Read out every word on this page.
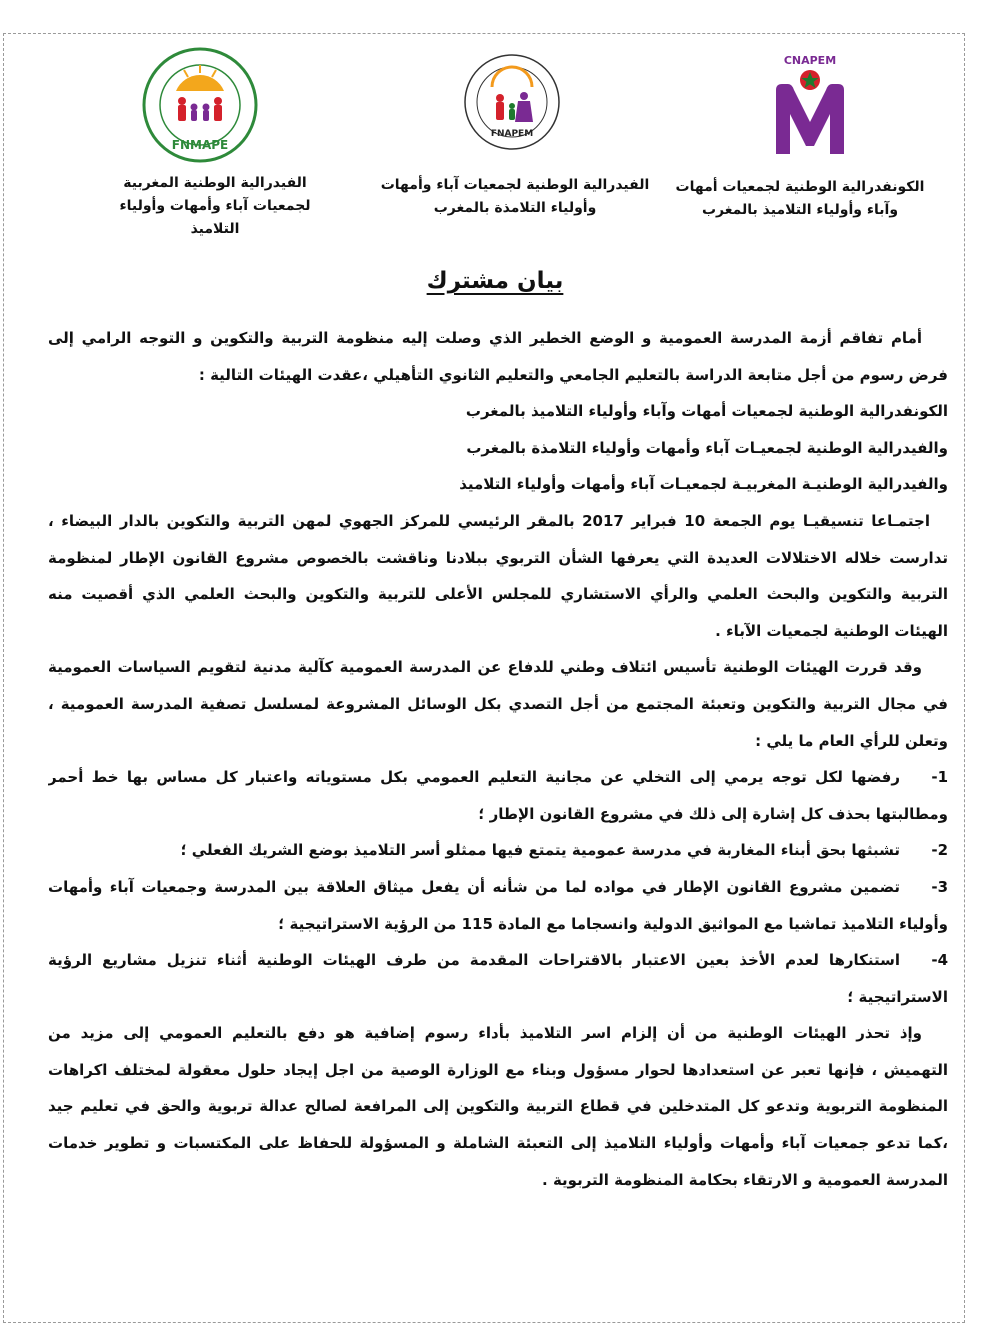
FNMAPE
FNAPEM
CNAPEM
الفيدرالية الوطنية المغربية
لجمعيات آباء وأمهات وأولياء التلاميذ
الفيدرالية الوطنية لجمعيات آباء وأمهات
وأولياء التلامذة بالمغرب
الكونفدرالية الوطنية لجمعيات أمهات
وآباء وأولياء التلاميذ بالمغرب
بيان مشترك
أمام تفاقم أزمة المدرسة العمومية و الوضع الخطير الذي وصلت إليه منظومة التربية والتكوين و التوجه الرامي إلى
فرض رسوم من أجل متابعة الدراسة بالتعليم الجامعي والتعليم الثانوي التأهيلي ،عقدت الهيئات التالية :
الكونفدرالية الوطنية لجمعيات أمهات وآباء وأولياء التلاميذ بالمغرب
والفيدرالية الوطنية لجمعيـات آباء وأمهات وأولياء التلامذة بالمغرب
والفيدرالية الوطنيـة المغربيـة لجمعيـات آباء وأمهات وأولياء التلاميذ
اجتمـاعا تنسيقيـا يوم الجمعة 10 فبراير 2017 بالمقر الرئيسي للمركز الجهوي لمهن التربية والتكوين بالدار البيضاء ،
تدارست خلاله الاختلالات العديدة التي يعرفها الشأن التربوي ببلادنا وناقشت بالخصوص مشروع القانون الإطار لمنظومة
التربية والتكوين والبحث العلمي والرأي الاستشاري للمجلس الأعلى للتربية والتكوين والبحث العلمي الذي أقصيت منه
الهيئات الوطنية لجمعيات الآباء .
وقد قررت الهيئات الوطنية تأسيس ائتلاف وطني للدفاع عن المدرسة العمومية كآلية مدنية لتقويم السياسات العمومية
في مجال التربية والتكوين وتعبئة المجتمع من أجل التصدي بكل الوسائل المشروعة لمسلسل تصفية المدرسة العمومية ،
وتعلن للرأي العام ما يلي :
1-رفضها لكل توجه يرمي إلى التخلي عن مجانية التعليم العمومي بكل مستوياته واعتبار كل مساس بها خط أحمر
ومطالبتها بحذف كل إشارة إلى ذلك في مشروع القانون الإطار ؛
2-تشبثها بحق أبناء المغاربة في مدرسة عمومية يتمتع فيها ممثلو أسر التلاميذ بوضع الشريك الفعلي ؛
3-تضمين مشروع القانون الإطار في مواده لما من شأنه أن يفعل ميثاق العلاقة بين المدرسة وجمعيات آباء وأمهات
وأولياء التلاميذ تماشيا مع المواثيق الدولية وانسجاما مع المادة 115 من الرؤية الاستراتيجية ؛
4-استنكارها لعدم الأخذ بعين الاعتبار بالاقتراحات المقدمة من طرف الهيئات الوطنية أثناء تنزيل مشاريع الرؤية
الاستراتيجية ؛
وإذ تحذر الهيئات الوطنية من أن إلزام اسر التلاميذ بأداء رسوم إضافية هو دفع بالتعليم العمومي إلى مزيد من
التهميش ، فإنها تعبر عن استعدادها لحوار مسؤول وبناء مع الوزارة الوصية من اجل إيجاد حلول معقولة لمختلف اكراهات
المنظومة التربوية وتدعو كل المتدخلين في قطاع التربية والتكوين إلى المرافعة لصالح عدالة تربوية والحق في تعليم جيد
،كما تدعو جمعيات آباء وأمهات وأولياء التلاميذ إلى التعبئة الشاملة و المسؤولة للحفاظ على المكتسبات و تطوير خدمات
المدرسة العمومية و الارتقاء بحكامة المنظومة التربوية .
